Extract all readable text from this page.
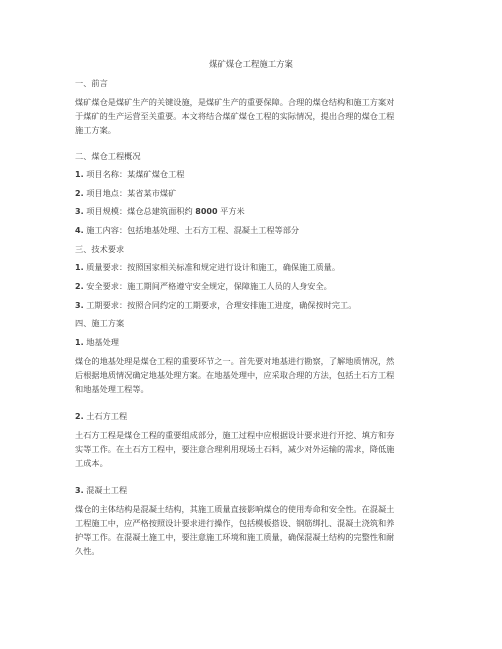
煤矿煤仓工程施工方案
一、前言
煤矿煤仓是煤矿生产的关键设施，是煤矿生产的重要保障。合理的煤仓结构和施工方案对
于煤矿的生产运营至关重要。本文将结合煤矿煤仓工程的实际情况，提出合理的煤仓工程
施工方案。
二、煤仓工程概况
1. 项目名称：某煤矿煤仓工程
2. 项目地点：某省某市煤矿
3. 项目规模：煤仓总建筑面积约 8000 平方米
4. 施工内容：包括地基处理、土石方工程、混凝土工程等部分
三、技术要求
1. 质量要求：按照国家相关标准和规定进行设计和施工，确保施工质量。
2. 安全要求：施工期间严格遵守安全规定，保障施工人员的人身安全。
3. 工期要求：按照合同约定的工期要求，合理安排施工进度，确保按时完工。
四、施工方案
1. 地基处理
煤仓的地基处理是煤仓工程的重要环节之一。首先要对地基进行勘察，了解地质情况，然
后根据地质情况确定地基处理方案。在地基处理中，应采取合理的方法，包括土石方工程
和地基处理工程等。
2. 土石方工程
土石方工程是煤仓工程的重要组成部分，施工过程中应根据设计要求进行开挖、填方和夯
实等工作。在土石方工程中，要注意合理利用现场土石料，减少对外运输的需求，降低施
工成本。
3. 混凝土工程
煤仓的主体结构是混凝土结构，其施工质量直接影响煤仓的使用寿命和安全性。在混凝土
工程施工中，应严格按照设计要求进行操作，包括模板搭设、钢筋绑扎、混凝土浇筑和养
护等工作。在混凝土施工中，要注意施工环境和施工质量，确保混凝土结构的完整性和耐
久性。
